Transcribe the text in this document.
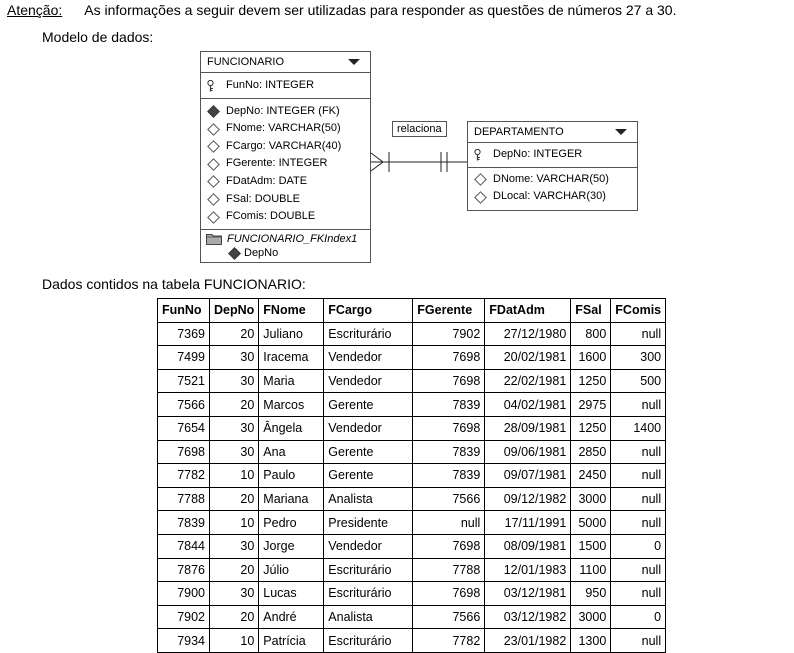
Atenção: As informações a seguir devem ser utilizadas para responder as questões de números 27 a 30.
Modelo de dados:
relaciona
FUNCIONARIO
FunNo: INTEGER
DepNo: INTEGER (FK)
FNome: VARCHAR(50)
FCargo: VARCHAR(40)
FGerente: INTEGER
FDatAdm: DATE
FSal: DOUBLE
FComis: DOUBLE
FUNCIONARIO_FKIndex1
DepNo
DEPARTAMENTO
DepNo: INTEGER
DNome: VARCHAR(50)
DLocal: VARCHAR(30)
Dados contidos na tabela FUNCIONARIO:
FunNo	DepNo	FNome	FCargo	FGerente	FDatAdm	FSal	FComis
7369	20	Juliano	Escriturário	7902	27/12/1980	800	null
7499	30	Iracema	Vendedor	7698	20/02/1981	1600	300
7521	30	Maria	Vendedor	7698	22/02/1981	1250	500
7566	20	Marcos	Gerente	7839	04/02/1981	2975	null
7654	30	Ângela	Vendedor	7698	28/09/1981	1250	1400
7698	30	Ana	Gerente	7839	09/06/1981	2850	null
7782	10	Paulo	Gerente	7839	09/07/1981	2450	null
7788	20	Mariana	Analista	7566	09/12/1982	3000	null
7839	10	Pedro	Presidente	null	17/11/1991	5000	null
7844	30	Jorge	Vendedor	7698	08/09/1981	1500	0
7876	20	Júlio	Escriturário	7788	12/01/1983	1100	null
7900	30	Lucas	Escriturário	7698	03/12/1981	950	null
7902	20	André	Analista	7566	03/12/1982	3000	0
7934	10	Patrícia	Escriturário	7782	23/01/1982	1300	null
